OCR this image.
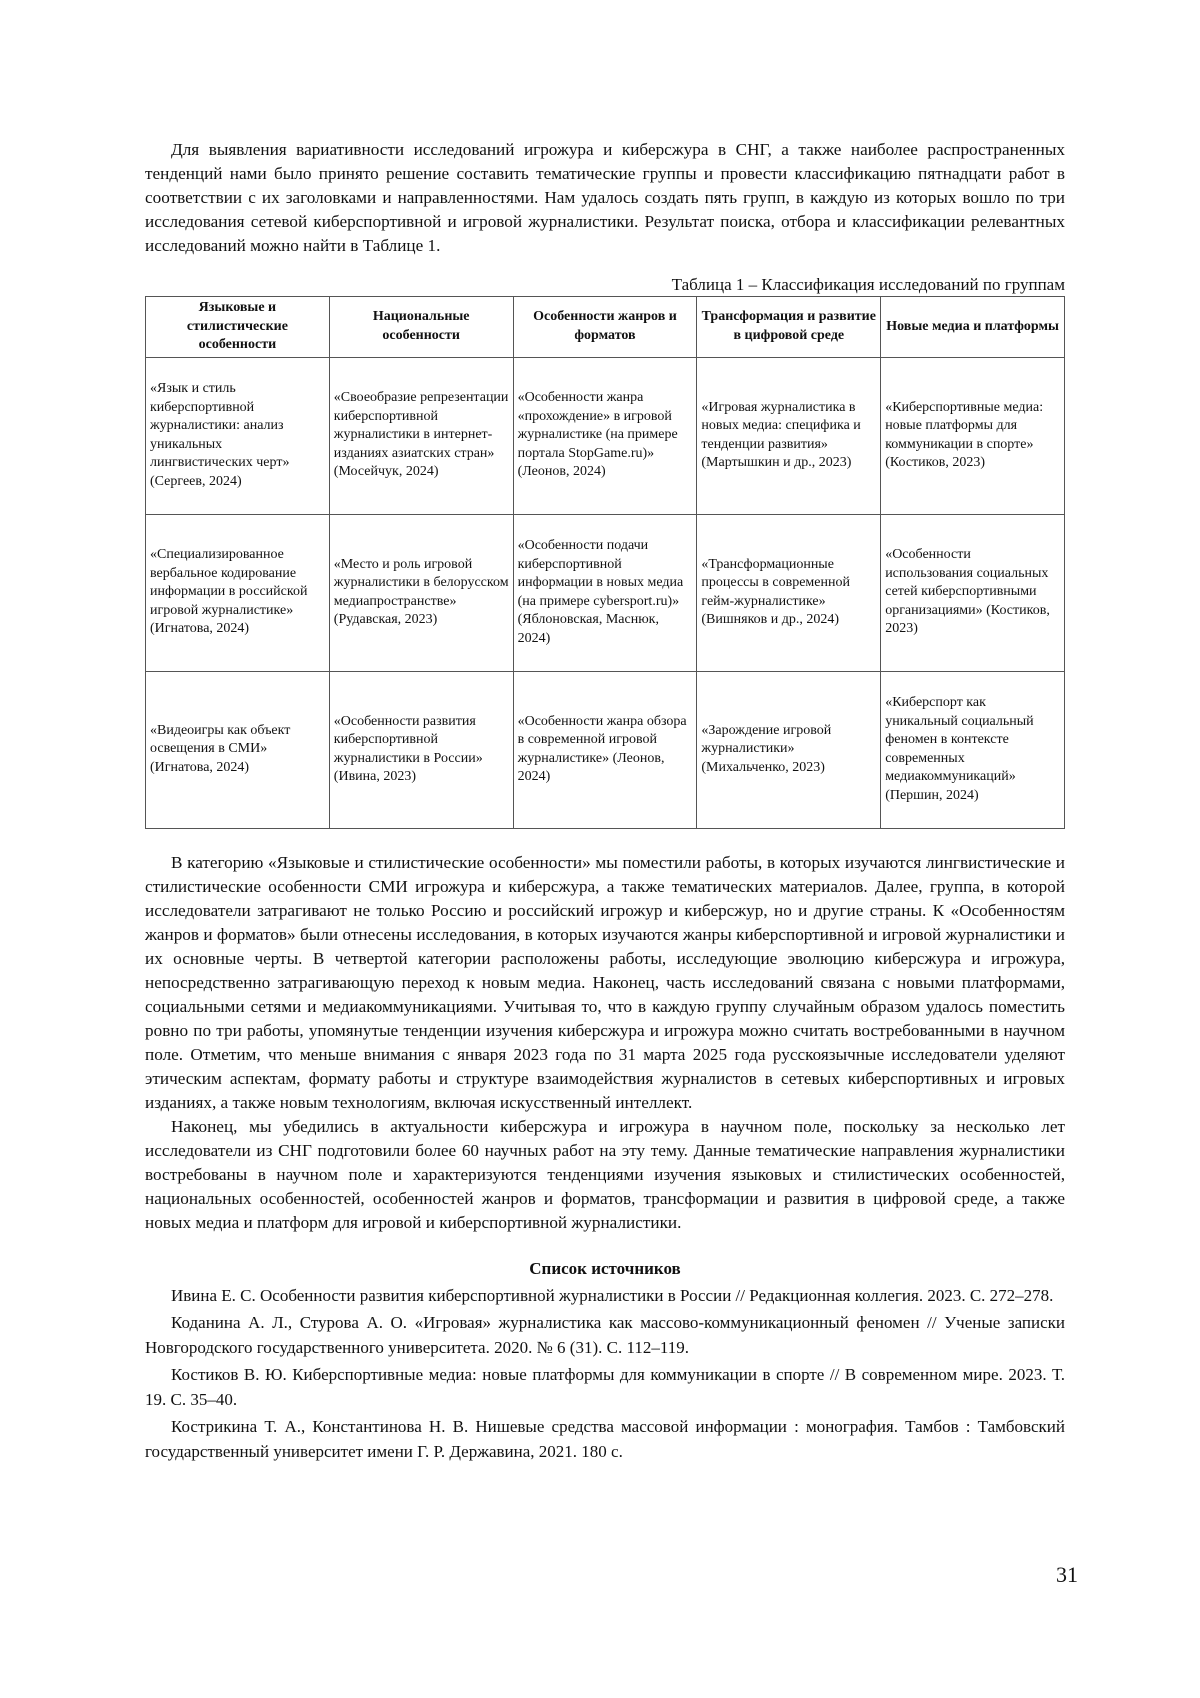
Для выявления вариативности исследований игрожура и киберсжура в СНГ, а также наиболее распространенных тенденций нами было принято решение составить тематические группы и провести классификацию пятнадцати работ в соответствии с их заголовками и направленностями. Нам удалось создать пять групп, в каждую из которых вошло по три исследования сетевой киберспортивной и игровой журналистики. Результат поиска, отбора и классификации релевантных исследований можно найти в Таблице 1.

Таблица 1 – Классификация исследований по группам
Языковые и стилистические особенности	Национальные особенности	Особенности жанров и форматов	Трансформация и развитие в цифровой среде	Новые медиа и платформы
«Язык и стиль киберспортивной журналистики: анализ уникальных лингвистических черт» (Сергеев, 2024)	«Своеобразие репрезентации киберспортивной журналистики в интернет-изданиях азиатских стран» (Мосейчук, 2024)	«Особенности жанра «прохождение» в игровой журналистике (на примере портала StopGame.ru)» (Леонов, 2024)	«Игровая журналистика в новых медиа: специфика и тенденции развития» (Мартышкин и др., 2023)	«Киберспортивные медиа: новые платформы для коммуникации в спорте» (Костиков, 2023)
«Специализированное вербальное кодирование информации в российской игровой журналистике» (Игнатова, 2024)	«Место и роль игровой журналистики в белорусском медиапространстве» (Рудавская, 2023)	«Особенности подачи киберспортивной информации в новых медиа (на примере cybersport.ru)» (Яблоновская, Маснюк, 2024)	«Трансформационные процессы в современной гейм-журналистике» (Вишняков и др., 2024)	«Особенности использования социальных сетей киберспортивными организациями» (Костиков, 2023)
«Видеоигры как объект освещения в СМИ» (Игнатова, 2024)	«Особенности развития киберспортивной журналистики в России» (Ивина, 2023)	«Особенности жанра обзора в современной игровой журналистике» (Леонов, 2024)	«Зарождение игровой журналистики» (Михальченко, 2023)	«Киберспорт как уникальный социальный феномен в контексте современных медиакоммуникаций» (Першин, 2024)

В категорию «Языковые и стилистические особенности» мы поместили работы, в которых изучаются лингвистические и стилистические особенности СМИ игрожура и киберсжура, а также тематических материалов. Далее, группа, в которой исследователи затрагивают не только Россию и российский игрожур и киберсжур, но и другие страны. К «Особенностям жанров и форматов» были отнесены исследования, в которых изучаются жанры киберспортивной и игровой журналистики и их основные черты. В четвертой категории расположены работы, исследующие эволюцию киберсжура и игрожура, непосредственно затрагивающую переход к новым медиа. Наконец, часть исследований связана с новыми платформами, социальными сетями и медиакоммуникациями. Учитывая то, что в каждую группу случайным образом удалось поместить ровно по три работы, упомянутые тенденции изучения киберсжура и игрожура можно считать востребованными в научном поле. Отметим, что меньше внимания с января 2023 года по 31 марта 2025 года русскоязычные исследователи уделяют этическим аспектам, формату работы и структуре взаимодействия журналистов в сетевых киберспортивных и игровых изданиях, а также новым технологиям, включая искусственный интеллект.

Наконец, мы убедились в актуальности киберсжура и игрожура в научном поле, поскольку за несколько лет исследователи из СНГ подготовили более 60 научных работ на эту тему. Данные тематические направления журналистики востребованы в научном поле и характеризуются тенденциями изучения языковых и стилистических особенностей, национальных особенностей, особенностей жанров и форматов, трансформации и развития в цифровой среде, а также новых медиа и платформ для игровой и киберспортивной журналистики.

Список источников

Ивина Е. С. Особенности развития киберспортивной журналистики в России // Редакционная коллегия. 2023. С. 272–278.

Коданина А. Л., Стурова А. О. «Игровая» журналистика как массово-коммуникационный феномен // Ученые записки Новгородского государственного университета. 2020. № 6 (31). С. 112–119.

Костиков В. Ю. Киберспортивные медиа: новые платформы для коммуникации в спорте // В современном мире. 2023. Т. 19. С. 35–40.

Кострикина Т. А., Константинова Н. В. Нишевые средства массовой информации : монография. Тамбов : Тамбовский государственный университет имени Г. Р. Державина, 2021. 180 с.

31
